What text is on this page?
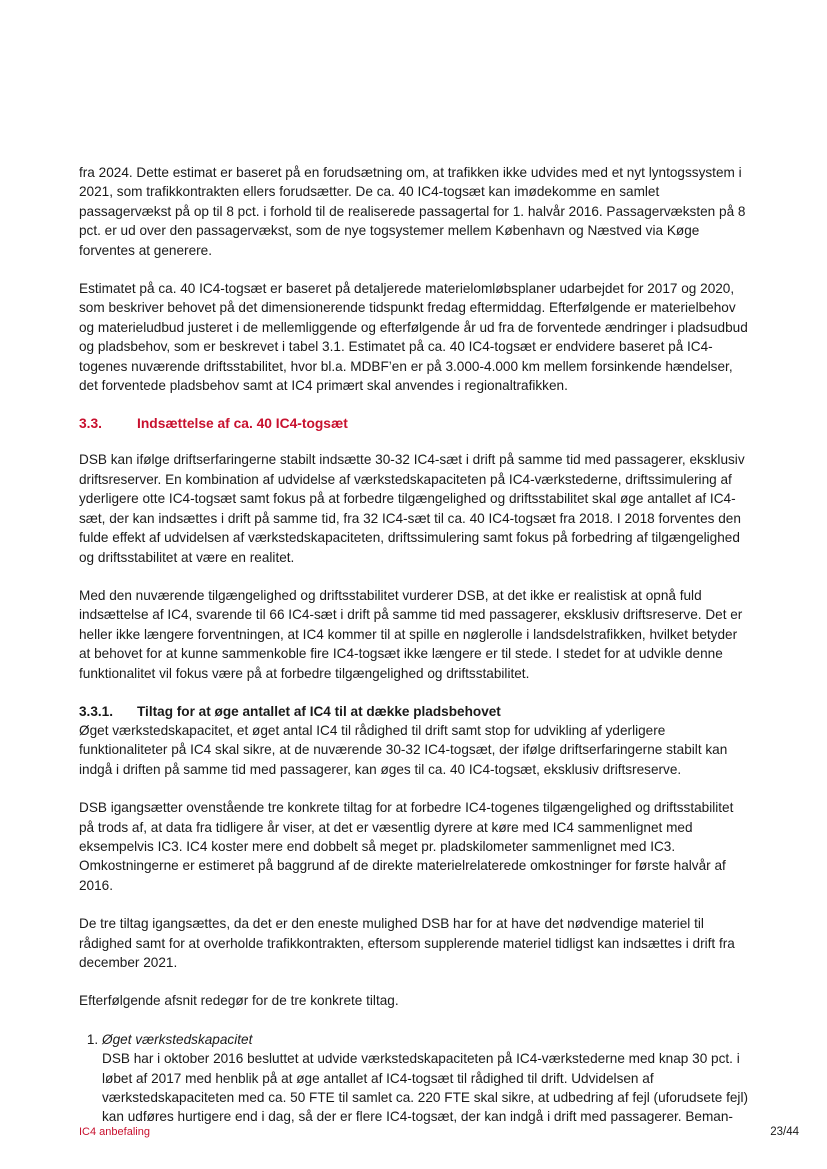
fra 2024. Dette estimat er baseret på en forudsætning om, at trafikken ikke udvides med et nyt lyntogssystem i 2021, som trafikkontrakten ellers forudsætter. De ca. 40 IC4-togsæt kan imødekomme en samlet passagervækst på op til 8 pct. i forhold til de realiserede passagertal for 1. halvår 2016. Passagervæksten på 8 pct. er ud over den passagervækst, som de nye togsystemer mellem København og Næstved via Køge forventes at generere.

Estimatet på ca. 40 IC4-togsæt er baseret på detaljerede materielomløbsplaner udarbejdet for 2017 og 2020, som beskriver behovet på det dimensionerende tidspunkt fredag eftermiddag. Efterfølgende er materielbehov og materieludbud justeret i de mellemliggende og efterfølgende år ud fra de forventede ændringer i pladsudbud og pladsbehov, som er beskrevet i tabel 3.1. Estimatet på ca. 40 IC4-togsæt er endvidere baseret på IC4-togenes nuværende driftsstabilitet, hvor bl.a. MDBF’en er på 3.000-4.000 km mellem forsinkende hændelser, det forventede pladsbehov samt at IC4 primært skal anvendes i regionaltrafikken.

3.3.	Indsættelse af ca. 40 IC4-togsæt

DSB kan ifølge driftserfaringerne stabilt indsætte 30-32 IC4-sæt i drift på samme tid med passagerer, eksklusiv driftsreserver. En kombination af udvidelse af værkstedskapaciteten på IC4-værkstederne, driftssimulering af yderligere otte IC4-togsæt samt fokus på at forbedre tilgængelighed og driftsstabilitet skal øge antallet af IC4-sæt, der kan indsættes i drift på samme tid, fra 32 IC4-sæt til ca. 40 IC4-togsæt fra 2018. I 2018 forventes den fulde effekt af udvidelsen af værkstedskapaciteten, driftssimulering samt fokus på forbedring af tilgængelighed og driftsstabilitet at være en realitet.

Med den nuværende tilgængelighed og driftsstabilitet vurderer DSB, at det ikke er realistisk at opnå fuld indsættelse af IC4, svarende til 66 IC4-sæt i drift på samme tid med passagerer, eksklusiv driftsreserve. Det er heller ikke længere forventningen, at IC4 kommer til at spille en nøglerolle i landsdelstrafikken, hvilket betyder at behovet for at kunne sammenkoble fire IC4-togsæt ikke længere er til stede. I stedet for at udvikle denne funktionalitet vil fokus være på at forbedre tilgængelighed og driftsstabilitet.

3.3.1.	Tiltag for at øge antallet af IC4 til at dække pladsbehovet

Øget værkstedskapacitet, et øget antal IC4 til rådighed til drift samt stop for udvikling af yderligere funktionaliteter på IC4 skal sikre, at de nuværende 30-32 IC4-togsæt, der ifølge driftserfaringerne stabilt kan indgå i driften på samme tid med passagerer, kan øges til ca. 40 IC4-togsæt, eksklusiv driftsreserve.

DSB igangsætter ovenstående tre konkrete tiltag for at forbedre IC4-togenes tilgængelighed og driftsstabilitet på trods af, at data fra tidligere år viser, at det er væsentlig dyrere at køre med IC4 sammenlignet med eksempelvis IC3. IC4 koster mere end dobbelt så meget pr. pladskilometer sammenlignet med IC3. Omkostningerne er estimeret på baggrund af de direkte materielrelaterede omkostninger for første halvår af 2016.

De tre tiltag igangsættes, da det er den eneste mulighed DSB har for at have det nødvendige materiel til rådighed samt for at overholde trafikkontrakten, eftersom supplerende materiel tidligst kan indsættes i drift fra december 2021.

Efterfølgende afsnit redegør for de tre konkrete tiltag.

1. Øget værkstedskapacitet
DSB har i oktober 2016 besluttet at udvide værkstedskapaciteten på IC4-værkstederne med knap 30 pct. i løbet af 2017 med henblik på at øge antallet af IC4-togsæt til rådighed til drift. Udvidelsen af værkstedskapaciteten med ca. 50 FTE til samlet ca. 220 FTE skal sikre, at udbedring af fejl (uforudsete fejl) kan udføres hurtigere end i dag, så der er flere IC4-togsæt, der kan indgå i drift med passagerer. Beman-
IC4 anbefaling	23/44
